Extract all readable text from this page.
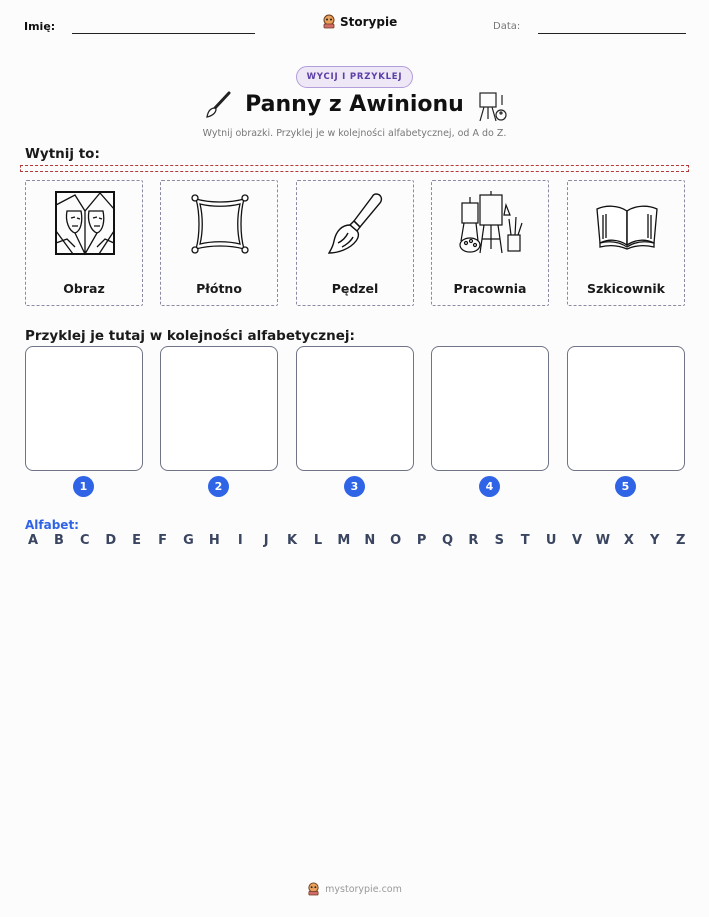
Imię:	Storypie	Data:
WYCIJ I PRZYKLEJ
Panny z Awinionu
Wytnij obrazki. Przyklej je w kolejności alfabetycznej, od A do Z.
Wytnij to:
Obraz	Płótno	Pędzel	Pracownia	Szkicownik
Przyklej je tutaj w kolejności alfabetycznej:
1	2	3	4	5
Alfabet:
A B C D E F G H	I	J	K L M N O P Q R S T U V W X Y Z
mystorypie.com
